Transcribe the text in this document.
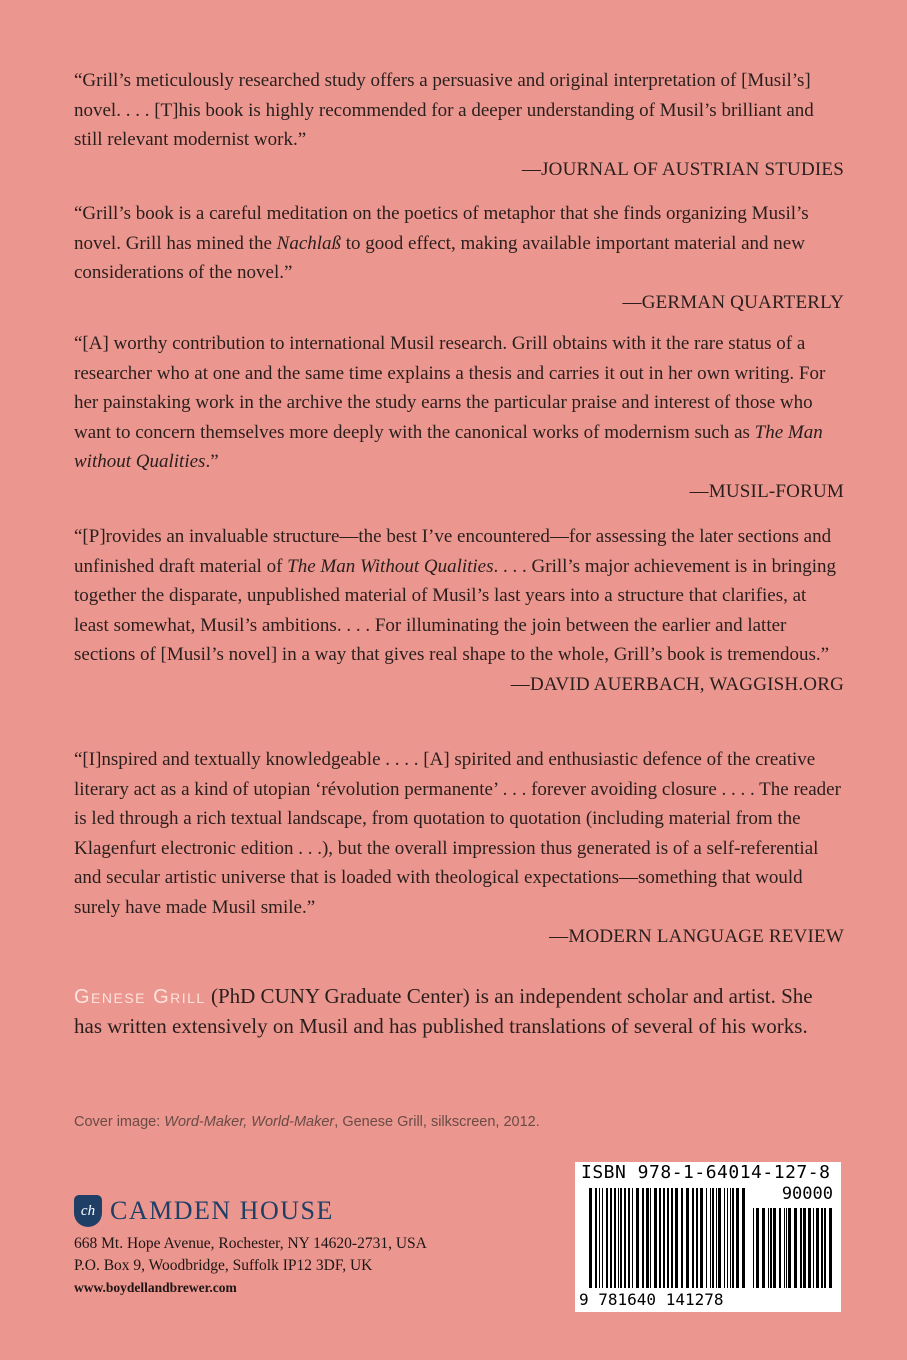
“Grill’s meticulously researched study offers a persuasive and original interpretation of [Musil’s] novel. . . . [T]his book is highly recommended for a deeper understanding of Musil’s brilliant and still relevant modernist work.”
—JOURNAL OF AUSTRIAN STUDIES
“Grill’s book is a careful meditation on the poetics of metaphor that she finds organizing Musil’s novel. Grill has mined the Nachlaß to good effect, making available important material and new considerations of the novel.”
—GERMAN QUARTERLY
“[A] worthy contribution to international Musil research. Grill obtains with it the rare status of a researcher who at one and the same time explains a thesis and carries it out in her own writing. For her painstaking work in the archive the study earns the particular praise and interest of those who want to concern themselves more deeply with the canonical works of modernism such as The Man without Qualities.”
—MUSIL-FORUM
“[P]rovides an invaluable structure—the best I’ve encountered—for assessing the later sections and unfinished draft material of The Man Without Qualities. . . . Grill’s major achievement is in bringing together the disparate, unpublished material of Musil’s last years into a structure that clarifies, at least somewhat, Musil’s ambitions. . . . For illuminating the join between the earlier and latter sections of [Musil’s novel] in a way that gives real shape to the whole, Grill’s book is tremendous.”
—DAVID AUERBACH, WAGGISH.ORG
“[I]nspired and textually knowledgeable . . . . [A] spirited and enthusiastic defence of the creative literary act as a kind of utopian ‘révolution permanente’ . . . forever avoiding closure . . . . The reader is led through a rich textual landscape, from quotation to quotation (including material from the Klagenfurt electronic edition . . .), but the overall impression thus generated is of a self-referential and secular artistic universe that is loaded with theological expectations—something that would surely have made Musil smile.”
—MODERN LANGUAGE REVIEW
Genese Grill (PhD CUNY Graduate Center) is an independent scholar and artist. She has written extensively on Musil and has published translations of several of his works.
Cover image: Word-Maker, World-Maker, Genese Grill, silkscreen, 2012.
ch CAMDEN HOUSE
668 Mt. Hope Avenue, Rochester, NY 14620-2731, USA
P.O. Box 9, Woodbridge, Suffolk IP12 3DF, UK
www.boydellandbrewer.com
ISBN 978-1-64014-127-8
90000
9 781640 141278
